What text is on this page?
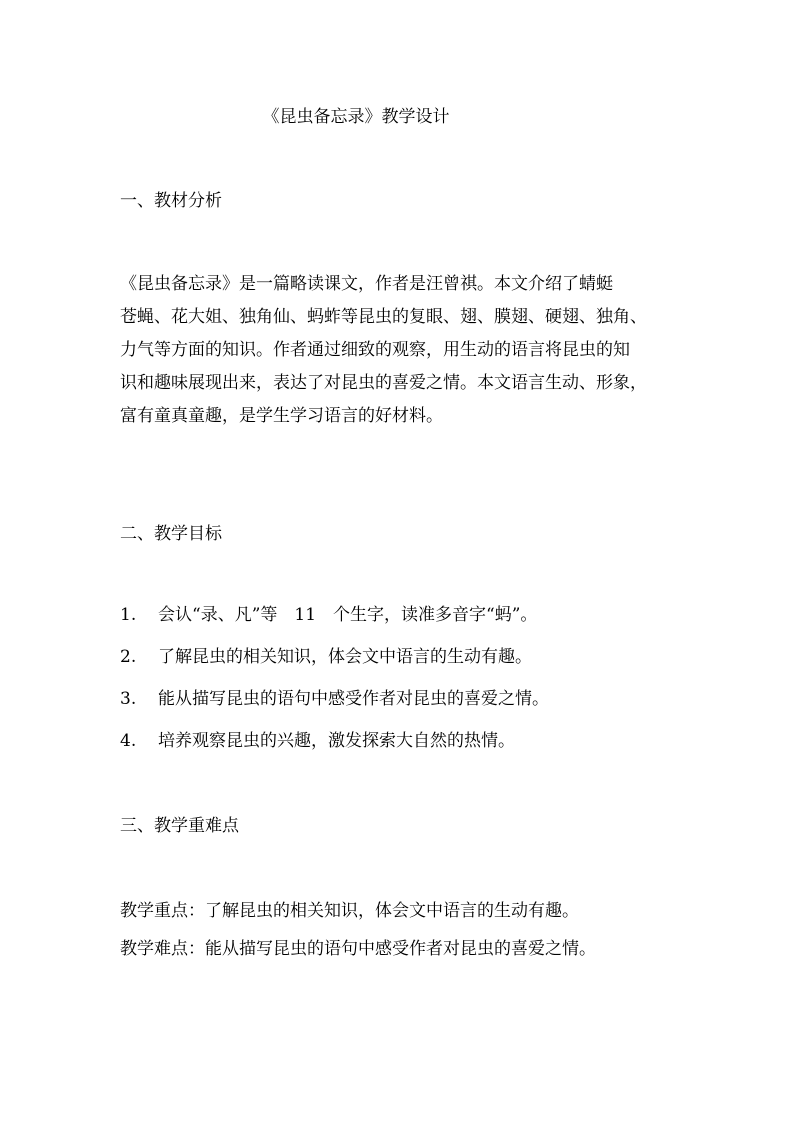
《昆虫备忘录》教学设计
一、教材分析
《昆虫备忘录》是一篇略读课文，作者是汪曾祺。本文介绍了蜻蜓
苍蝇、花大姐、独角仙、蚂蚱等昆虫的复眼、翅、膜翅、硬翅、独角、
力气等方面的知识。作者通过细致的观察，用生动的语言将昆虫的知
识和趣味展现出来，表达了对昆虫的喜爱之情。本文语言生动、形象，
富有童真童趣，是学生学习语言的好材料。
二、教学目标
1. 会认“录、凡”等　11　个生字，读准多音字“蚂”。
2. 了解昆虫的相关知识，体会文中语言的生动有趣。
3. 能从描写昆虫的语句中感受作者对昆虫的喜爱之情。
4. 培养观察昆虫的兴趣，激发探索大自然的热情。
三、教学重难点
教学重点：了解昆虫的相关知识，体会文中语言的生动有趣。
教学难点：能从描写昆虫的语句中感受作者对昆虫的喜爱之情。
